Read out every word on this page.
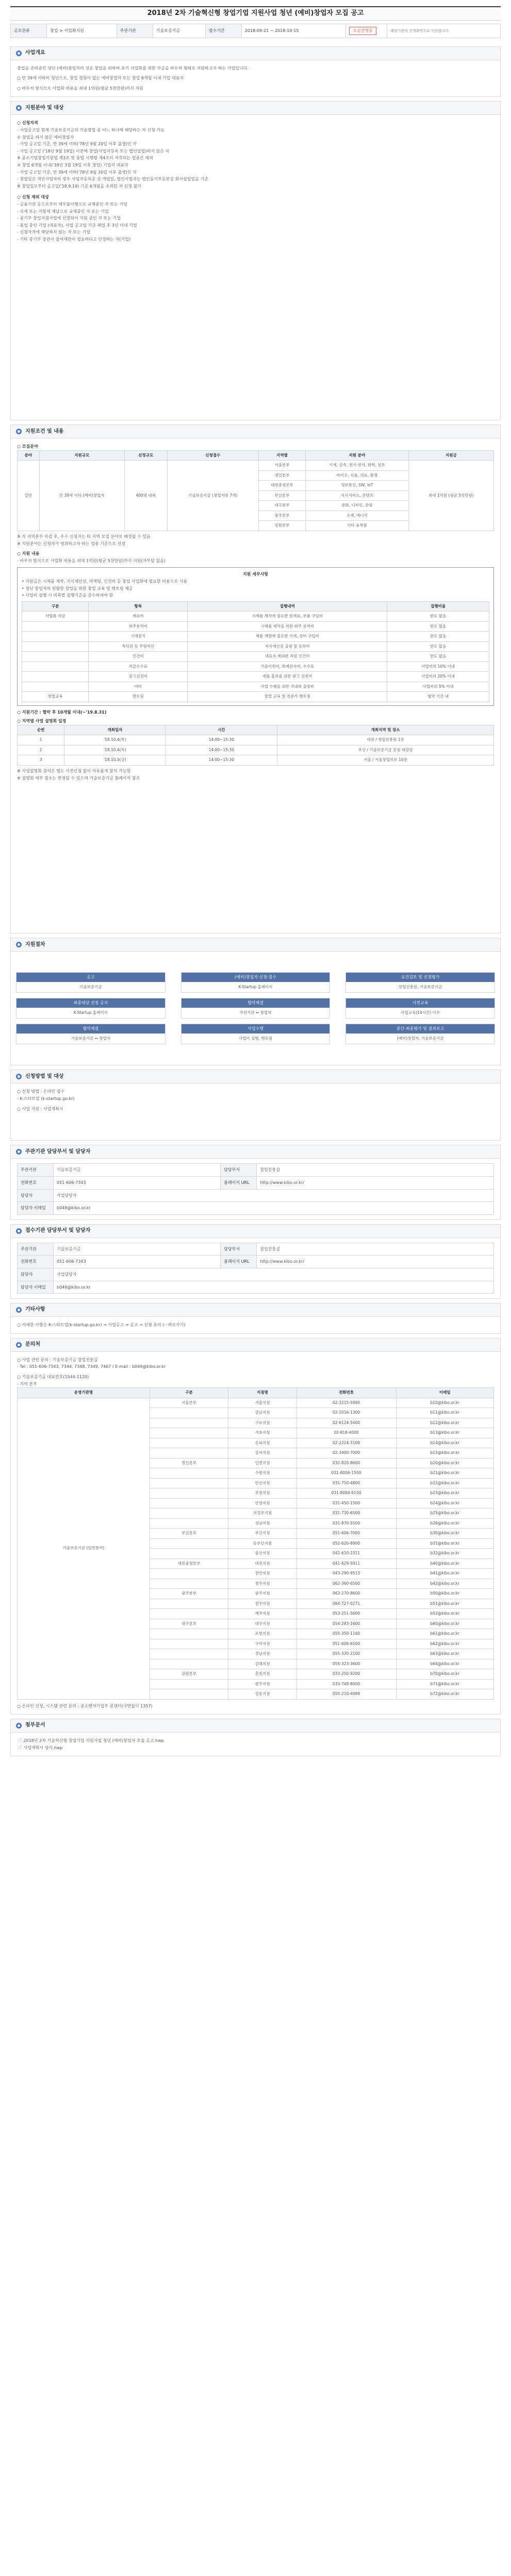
2018년 2차 기술혁신형 창업기업 지원사업 청년 (예비)창업자 모집 공고
공모분류	창업 > 사업화지원	주관기관	기술보증기금	접수기간	2018-09-21 ~ 2018-10-15	모집진행중	해당기관의 신청화면으로 이동합니다.
사업개요

창업을 준비중인 청년 (예비)창업자의 성공 창업을 위하여 초기 사업화를 위한 자금을 바우처 형태로 지원하고자 하는 사업입니다.

○ 만 39세 이하의 청년으로, 창업 경험이 없는 예비창업자 또는 창업 6개월 이내 기업 대표자

○ 바우처 방식으로 사업화 비용을 최대 1억원(평균 5천만원)까지 지원

지원분야 및 대상

○ 신청자격

- 사업공고일 현재 기술보증기금의 기술창업 중 어느 하나에 해당하는 자 신청 가능

① 창업을 하지 않은 예비창업자

- 사업 공고일 기준, 만 39세 이하('78년 9월 20일 이후 출생)인 자

- 사업 공고일 ('18년 9월 19일) 이전에 창업(사업자등록 또는 법인설립)하지 않은 자

※ 중소기업창업지원법 제3조 및 동법 시행령 제4조의 저촉되는 업종은 제외

② 창업 6개월 이내('18년 3월 19일 이후 창업) 기업의 대표자

- 사업 공고일 기준, 만 39세 이하('78년 9월 20일 이후 출생)인 자

- 창업일은 개인사업자의 경우 사업자등록증 상 개업일, 법인사업자는 법인등기부등본상 회사설립일을 기준

※ 창업일로부터 공고일('18.9.19) 기준 6개월을 초과한 자 신청 불가

○ 신청 제외 대상

- 금융기관 등으로부터 채무불이행으로 규제중인 자 또는 기업

- 국세 또는 지방세 체납으로 규제중인 자 또는 기업

- 중기부 창업지원사업에 선정되어 지원 중인 자 또는 기업

- 휴업 중인 기업 (대표자), 사업 공고일 기준 폐업 후 3년 이내 기업

- 신청자격에 해당하지 않는 자 또는 기업

- 기타 중기부 장관이 참여제한이 필요하다고 인정하는 자(기업)

지원조건 및 내용

○ 모집분야

분야	지원규모	선정규모	신청접수	지역별	지원 분야	지원금
일반	만 39세 이하 (예비)창업자	400명 내외	기술보증기금 (창업지원 7개)	서울본부	기계, 금속, 전기·전자, 화학, 섬유	최대 1억원 (평균 5천만원)
				경인본부	바이오, 식품, 의료, 환경	
				대전충청본부	정보통신, SW, IoT	
				부산본부	지식서비스, 콘텐츠	
				대구본부	문화, 디자인, 관광	
				광주본부	소재, 에너지	
				강원본부	기타 융복합	

※ 각 지역본부 마감 후, 우수 신청자는 타 지역 모집 분야로 배정될 수 있음

※ 지원분야는 신청자가 영위하고자 하는 업종 기준으로 선정

○ 지원 내용

- 바우처 방식으로 사업화 비용을 최대 1억원(평균 5천만원)까지 지원(자부담 없음)

지원 세부사항

• 지원금은 시제품 제작, 지식재산권, 마케팅, 인건비 등 창업 사업화에 필요한 비용으로 사용

• 청년 창업자의 원활한 창업을 위한 창업 교육 및 멘토링 제공

• 사업비 집행 시 비목별 집행기준을 준수하여야 함

구분	항목	집행내역	집행비율
사업화 자금	재료비	시제품 제작에 필요한 원재료, 부품 구입비	한도 없음
	외주용역비	시제품 제작을 위한 외주 용역비	한도 없음
	기계장치	제품 개발에 필요한 기계, 장비 구입비	한도 없음
	특허권 등 무형자산	지식재산권 출원 및 등록비	한도 없음
	인건비	대표자 제외한 직원 인건비	한도 없음
	지급수수료	기술이전비, 회계감사비, 수수료	사업비의 10% 이내
	광고선전비	제품 홍보를 위한 광고 선전비	사업비의 20% 이내
	여비	사업 수행을 위한 국내외 출장비	사업비의 5% 이내
창업교육	멘토링	창업 교육 및 전문가 멘토링	협약 기간 내

○ 지원기간 : 협약 후 10개월 이내(~'19.8.31)

○ 지역별 사업 설명회 일정

순번	개최일자	시간	개최지역 및 장소
1	'18.10.4(목)	14:00~15:30	대전 / 창업진흥원 1층
2	'18.10.4(목)	14:00~15:30	부산 / 기술보증기금 본점 대강당
3	'18.10.5(금)	14:00~15:30	서울 / 서울창업허브 10층

※ 사업설명회 참석은 별도 사전신청 없이 자유롭게 참석 가능함

※ 설명회 세부 장소는 변경될 수 있으며 기술보증기금 홈페이지 참조

지원절차
공고
기술보증기금
(예비)창업자 신청·접수
K-Startup 홈페이지
요건검토 및 선정평가
창업진흥원, 기술보증기금
최종대상 선정 공지
K-Startup 홈페이지
협약체결
주관기관 ↔ 창업자
사전교육
사업교육(14시간) 이수
협약체결
기술보증기금 ↔ 창업자
사업수행
사업비 집행, 멘토링
중간·최종평가 및 결과보고
(예비)창업자, 기술보증기금
신청방법 및 대상

○ 신청 방법 : 온라인 접수

- K-스타트업 (k-startup.go.kr)

○ 사업 지원 : 사업계획서

주관기관 담당부서 및 담당자
주관기관	기술보증기금	담당부서	창업진흥실
전화번호	051-606-7343	홈페이지 URL	http://www.kibo.or.kr/
담당자	사업담당자		
담당자 이메일	b049@kibo.or.kr		
접수기관 담당부서 및 담당자
주관기관	기술보증기금	담당부서	창업진흥실
전화번호	051-606-7343	홈페이지 URL	http://www.kibo.or.kr/
담당자	사업담당자		
담당자 이메일	b049@kibo.or.kr		
기타사항

○ 자세한 사항은 K-스타트업(k-startup.go.kr) → 사업공고 → 공고 → 신청 문의 (☞바로가기)

문의처

○ 사업 관련 문의 : 기술보증기금 창업진흥실

- Tel : 051-606-7343, 7344, 7348, 7349, 7467 / E-mail : b049@kibo.or.kr

○ 기술보증기금 대표번호(1544-1120)

- 지역 본부

운영기관명	구분	지점명	전화번호	이메일
기술보증기금 (일반분야)	서울본부	서울지점	02-3215-5990	b10@kibo.or.kr
		강남지점	02-2016-1300	b11@kibo.or.kr
		구로지점	02-6124-5400	b12@kibo.or.kr
		서초지점	02-818-4000	b13@kibo.or.kr
		송파지점	02-2224-3100	b14@kibo.or.kr
		강서지점	02-3400-7000	b15@kibo.or.kr
	경인본부	인천지점	032-820-8600	b20@kibo.or.kr
		수원지점	031-8006-1500	b21@kibo.or.kr
		안산지점	031-750-4800	b22@kibo.or.kr
		부천지점	031-8084-6100	b23@kibo.or.kr
		안양지점	031-450-1500	b24@kibo.or.kr
		의정부지점	031-730-6500	b25@kibo.or.kr
		성남지점	031-870-5500	b26@kibo.or.kr
	부산본부	부산지점	051-606-7000	b30@kibo.or.kr
		동부산지점	052-620-8900	b31@kibo.or.kr
		울산지점	042-610-2311	b32@kibo.or.kr
	대전충청본부	대전지점	041-629-5911	b40@kibo.or.kr
		천안지점	043-290-9513	b41@kibo.or.kr
		청주지점	062-360-6500	b42@kibo.or.kr
	광주본부	광주지점	063-270-8600	b50@kibo.or.kr
		전주지점	064-727-0271	b51@kibo.or.kr
		제주지점	053-251-5600	b52@kibo.or.kr
	대구본부	대구지점	054-283-1600	b60@kibo.or.kr
		포항지점	055-350-1160	b61@kibo.or.kr
		구미지점	051-606-6500	b62@kibo.or.kr
		경남지점	055-330-2100	b63@kibo.or.kr
		김해지점	055-323-3600	b64@kibo.or.kr
	강원본부	춘천지점	033-250-9200	b70@kibo.or.kr
		원주지점	033-748-8000	b71@kibo.or.kr
		강릉지점	055-210-4089	b72@kibo.or.kr

○ 온라인 신청, 시스템 관련 문의 : 중소벤처기업부 콜센터(국번없이 1357)

첨부문서

📄 2018년 2차 기술혁신형 창업기업 지원사업 청년 (예비)창업자 모집 공고.hwp

📄 사업계획서 양식.hwp
